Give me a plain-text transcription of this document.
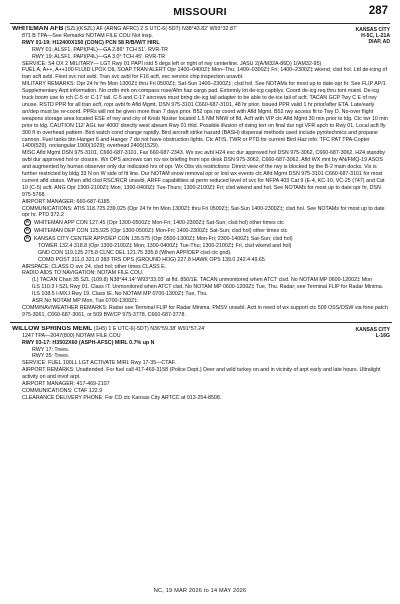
MISSOURI	287
KANSAS CITY
H-5C, L-21A
DIAP, AD
WHITEMAN AFB (SZL)(KSZL) AF (ARNG AFRC) 2 S UTC-6(-5DT) N38°43.82' W93°32.87'
871 B TPA—See Remarks NOTAM FILE COU Not insp.
RWY 01-19: H12400X150 (CONC) PCN 58 R/B/W/T HIRL
RWY 01: ALSF1. PAPI(P4L)—GA 2.86° TCH 51'. RVR-TR
RWY 19: ALSF1. PAPI(P4L)—GA 3.0° TCH 45'. RVR-TR
SERVICE: S4 OX 2 MILITARY— LGT Rwy 01 PAPI rstd 5 degs left or right of rwy centerline. JASU 2(A/M32A-86D) 1(AM32-95)
FUEL A, A++, A++100 FLUID LPOX OIL SOAP TRAN ALERT Opr 1400–0400Z‡ Mon–Thu; 1400–0300Z‡ Fri; 1400–2300Z‡ wkend, clsd hol. Ltd de-icing of tran acft avbl. Fleet svc not avbl. Tran svc avbl for F16 acft, exc service chip inspection unavbl.
MILITARY REMARKS: Opr 24 hr fm Mon 1300Z‡ thru Fri 0500Z‡; Sat-Sun 1400–2300Z‡; clsd hol. See NOTAMs for most up to date opr hr. See FLIP AP/1 Supplementary Arpt information. No crdtn mrk on compass rose/Afm haz cargo pad. Extremly lot de-icg capblys. Coord de-icg req thru tont maint. De-icg truck boom use to rch C-5 or C-17 tail. C-5 and C-17 aircrews must bring de-icg tail adapter to be able to de-ice tail of acft. TACAN GCP Twy C E of rwy unuse. RSTD PPR for all tran acft, ropr avbl fn Afld Mgmt, DSN 975-3101 C660-687-3101, 48 hr prior. Issued PPR valid 1 hr prior/after ETA. Late/early arr/dep must be re-coord. PPRs will not be given more than 7 days prior. B52 ops rqr coord with Afld Mgmt. B52 rwy access fit to Twy D. No-over flight weapons storage area located ESE of rwy and city of Knob Noster located 1.5 NM NNW of fld. Acft with VIP ctc Afld Mgmt 30 min prior to ldg. Ctc twr 10 min prior to ldg. CAUTION 112' AGL twr 4000' directly west abeam Rwy 01 thld. Possible illusion of rising terr on final dur ngt VFR apch to Rwy 01. Local acft fly 300 ft in overhead pattern. Bird watch cond change rapidly. Bird aircraft strike hazard (BASH) dispersal methods used include pyrotechnics and propane cannon. Fuel tanks btn Hanger 6 and Hanger 7 do not have obstruction lights. Ctc ATIS, TWR or PTD for current Bird Haz info. TFC PAT TPA-Copter 1400(529), rectangular 1900(1029); overhead 2400(1529).
MISC Afld Mgmt DSN 975-3101, C660-687-3101, Fax 660-687-2343. Wx svc avbl H24 exc dur approved hol DSN 975-3062, C660-687-3062. H24 standby avbl dur approved hol or closure. Wx OPS aircrews can rcv wx briefing from ops desk DSN 975-3062, C660-687-3062. Afld WX mnt by AN/FMQ-19 ASOS and augmented by human observer only dur indicated hrs of opr. Wx Obs vis restrictions: Direct view of the rwy is blocked by the B-2 main docks. Vis is further restricted by bldg 33 N on W side of fit line. Dur NOTAM snow removal opr or lost wx events ctc Afld Mgmt DSN 975-3101 C660-687-3101 for most current afld status. When afld clsd RSC/RCR unavbl. ARFF capabilities at perm reduced level of svc for NFPA 403 Cat 9 (E-4, KC-10, VC-25 (747) and Cat 10 (C-5) acft. ANG Opr 1300-2100Z‡ Mon; 1300-0400Z‡ Tue-Thurs; 1300-2100Z‡ Fri; clsd wkend and hol. See NOTAMs for most up to date opr hr, DSN 975-5768.
AIRPORT MANAGER: 660-687-6185
COMMUNICATIONS: ATIS 118.725 239.025 (Opr 24 hr fm Mon 1300Z‡ thru Fri 0500Z‡; Sat-Sun 1400-2300Z‡; clsd hol. See NOTAMs for most up to date opr hr. PTD 372.2
R WHITEMAN APP CON 127.45 (Opr 1300-0500Z‡ Mon-Fri; 1400-2300Z‡ Sat-Sun; clsd hol) other times ctc
R WHITEMAN DEP CON 125.925 (Opr 1300-0500Z‡ Mon-Fri; 1400-2300Z‡ Sat-Sun; clsd hol) other times ctc
R KANSAS CITY CENTER APP/DEP CON 135.575 (Opr 0500-1300Z‡ Mon-Fri; 2300-1400Z‡ Sat-Sun; clsd hol)
TOWER 132.4 318.8 (Opr 1300-2100Z‡ Mon; 1300-0400Z‡ Tue-Thu; 1300-2100Z‡ Fri, clsd wkend and hol)
GND CON 119.125 275.8 CLNC DEL 121.75 335.8 (When APP/DEP clsd ctc gnd).
COMD POST 311.0 321.0 383 TRS OPS (GROUND HOG) 227.8 HAWK OPS 139.0 242.4 49.65
AIRSPACE: CLASS D svc 24, clsd hol; other times CLASS E.
RADIO AIDS TO NAVIGATION: NOTAM FILE COU.
(L) TACAN Chan 35 SZL (109.8) N38°44.14' W93°33.03' at fld. 850/1E. TACAN unmonitored when ATCT clsd. No NOTAM MP 0600-1200Z‡ Mon
ILS 110.3 I-SZL Rwy 01. Class IT. Unmonitored when ATCT clsd. No NOTAM MP 0600-1200Z‡ Tue, Thu. Radar; see Terminal FLIP for Radar Minima.
ILS 108.5 I-MXJ Rwy 19. Class IE. No NOTAM MP 0700-1300Z‡ Tue, Thu.
ASR No NOTAM MP Mon, Tue 0700-1300Z‡.
COMM/NAV/WEATHER REMARKS: Radar see Terminal FLIP for Radar Minima. PMSV unavbl. Actt in need of wx support ctc 509 OSS/OSW via fone patch 975-3061, C660-687-3061, or 509 BW/CP 975-3778, C660-687-3778.
KANSAS CITY
L-16G
WILLOW SPRINGS MEML (1H5) 1 E UTC-6(-5DT) N36°59.38' W91°57.24'
1247 TPA—2047(800) NOTAM FILE COU
RWY 03-17: H3502X60 (ASPH-AFSC) MIRL 0.7% up N
RWY 17: Trees.
RWY 35: Trees.
SERVICE: FUEL 100LL LGT ACTIVATE MIRL Rwy 17-35—CTAF.
AIRPORT REMARKS: Unattended. For fuel call 417-469-3158 (Police Dept.) Deer and wild turkey on and in vicinity of arpt early and late hours. Ultralight activity on and invof arpt.
AIRPORT MANAGER: 417-469-2107
COMMUNICATIONS: CTAF 122.9
CLEARANCE DELIVERY PHONE: For CD ctc Kansas City ARTCC at 913-254-8508.
NC, 19 MAR 2026 to 14 MAY 2026
